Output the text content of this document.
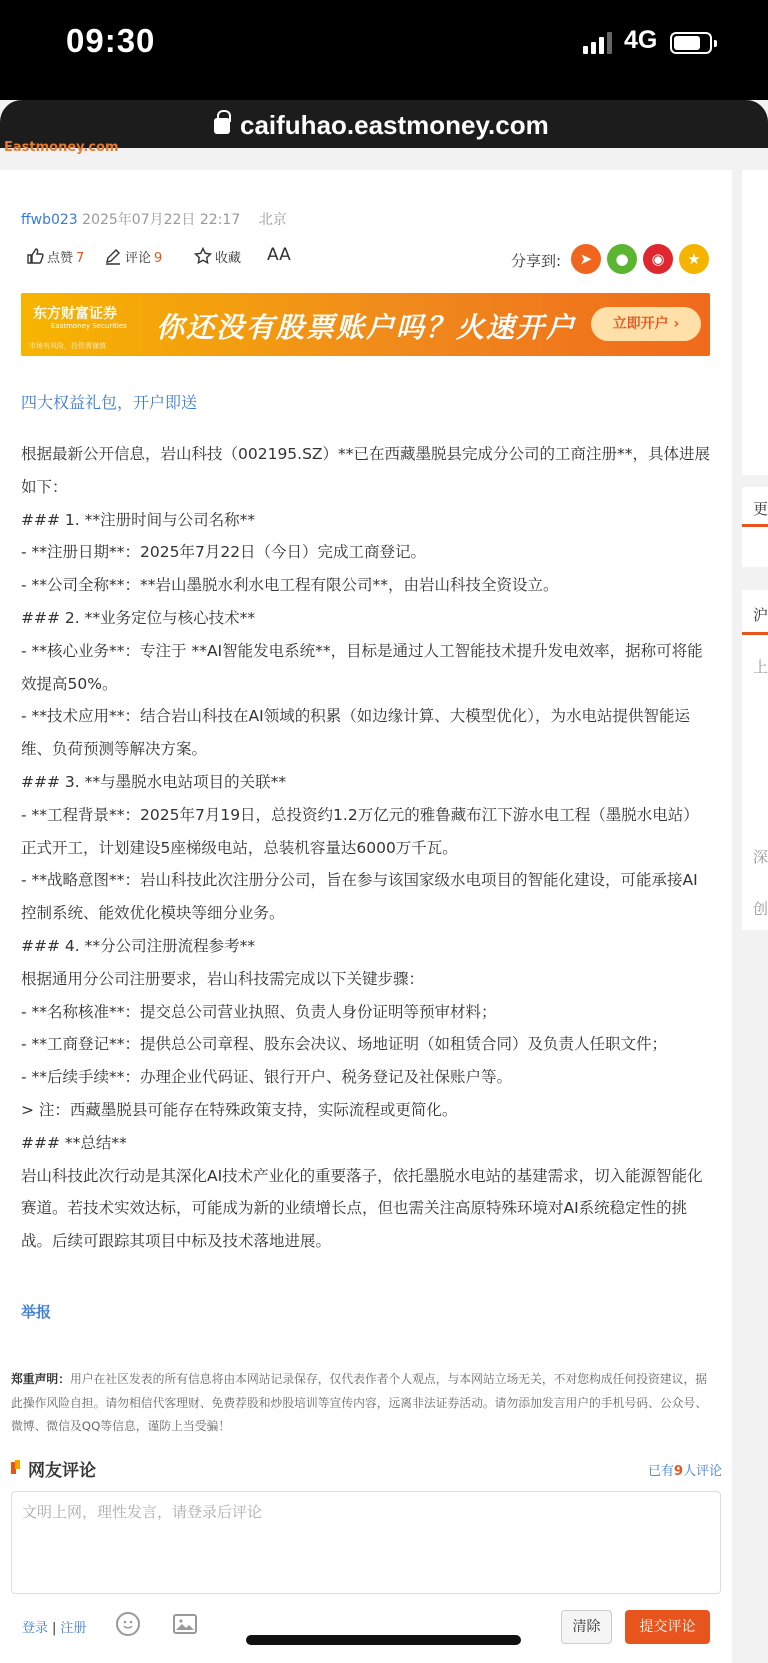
09:30	4G
caifuhao.eastmoney.com
Eastmoney.com
更
沪
上
深
创
ffwb023 2025年07月22日 22:17 北京
点赞 7	评论 9	收藏 AA	分享到:	➤	●	◉	★
东方财富证券
Eastmoney Securities
市场有风险，投资需谨慎
你还没有股票账户吗？火速开户	立即开户 ›
四大权益礼包，开户即送

根据最新公开信息，岩山科技（002195.SZ）**已在西藏墨脱县完成分公司的工商注册**，具体进展如下：

### 1. **注册时间与公司名称**

- **注册日期**：2025年7月22日（今日）完成工商登记。

- **公司全称**：**岩山墨脱水利水电工程有限公司**，由岩山科技全资设立。

### 2. **业务定位与核心技术**

- **核心业务**：专注于 **AI智能发电系统**，目标是通过人工智能技术提升发电效率，据称可将能效提高50%。

- **技术应用**：结合岩山科技在AI领域的积累（如边缘计算、大模型优化），为水电站提供智能运维、负荷预测等解决方案。

### 3. **与墨脱水电站项目的关联**

- **工程背景**：2025年7月19日，总投资约1.2万亿元的雅鲁藏布江下游水电工程（墨脱水电站）正式开工，计划建设5座梯级电站，总装机容量达6000万千瓦。

- **战略意图**：岩山科技此次注册分公司，旨在参与该国家级水电项目的智能化建设，可能承接AI控制系统、能效优化模块等细分业务。

### 4. **分公司注册流程参考**

根据通用分公司注册要求，岩山科技需完成以下关键步骤：

- **名称核准**：提交总公司营业执照、负责人身份证明等预审材料；

- **工商登记**：提供总公司章程、股东会决议、场地证明（如租赁合同）及负责人任职文件；

- **后续手续**：办理企业代码证、银行开户、税务登记及社保账户等。

> 注：西藏墨脱县可能存在特殊政策支持，实际流程或更简化。

### **总结**

岩山科技此次行动是其深化AI技术产业化的重要落子，依托墨脱水电站的基建需求，切入能源智能化赛道。若技术实效达标，可能成为新的业绩增长点，但也需关注高原特殊环境对AI系统稳定性的挑战。后续可跟踪其项目中标及技术落地进展。

举报
郑重声明：用户在社区发表的所有信息将由本网站记录保存，仅代表作者个人观点，与本网站立场无关，不对您构成任何投资建议，据此操作风险自担。请勿相信代客理财、免费荐股和炒股培训等宣传内容，远离非法证券活动。请勿添加发言用户的手机号码、公众号、微博、微信及QQ等信息，谨防上当受骗！
网友评论	已有9人评论
文明上网，理性发言，请登录后评论
登录 | 注册	清除	提交评论
